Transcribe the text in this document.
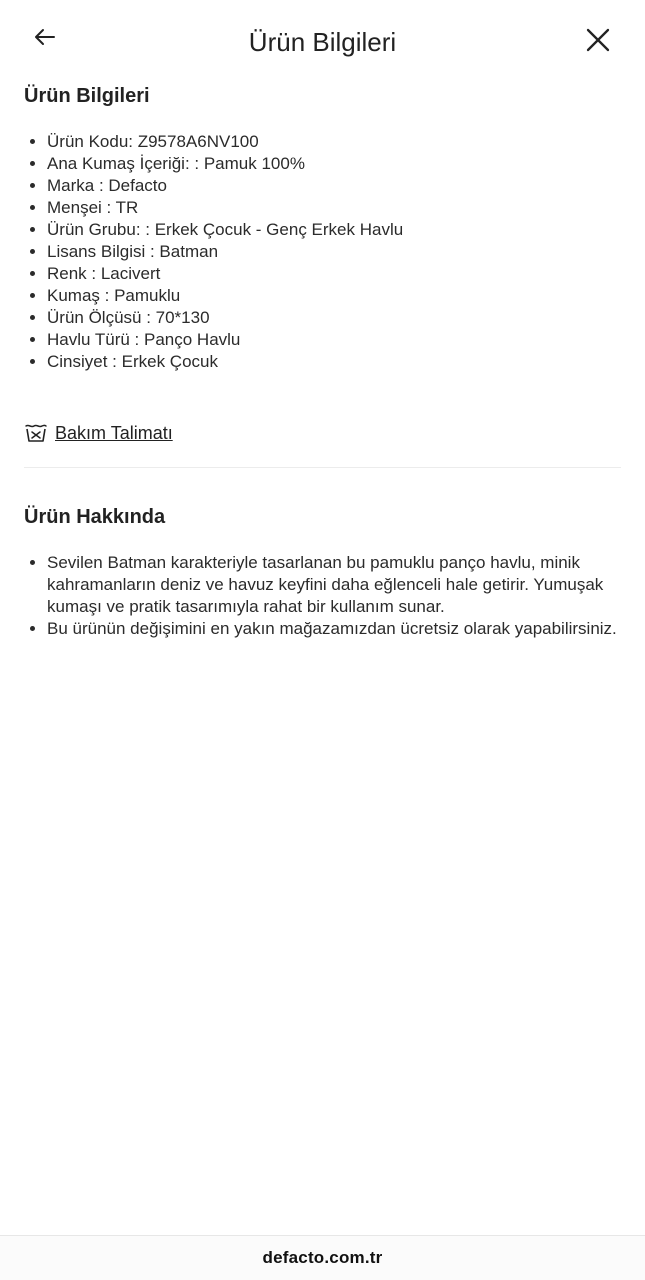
Ürün Bilgileri
Ürün Bilgileri
• Ürün Kodu: Z9578A6NV100
• Ana Kumaş İçeriği: : Pamuk 100%
• Marka : Defacto
• Menşei : TR
• Ürün Grubu: : Erkek Çocuk - Genç Erkek Havlu
• Lisans Bilgisi : Batman
• Renk : Lacivert
• Kumaş : Pamuklu
• Ürün Ölçüsü : 70*130
• Havlu Türü : Panço Havlu
• Cinsiyet : Erkek Çocuk
Bakım Talimatı
Ürün Hakkında
• Sevilen Batman karakteriyle tasarlanan bu pamuklu panço havlu, minik kahramanların deniz ve havuz keyfini daha eğlenceli hale getirir. Yumuşak kumaşı ve pratik tasarımıyla rahat bir kullanım sunar.
• Bu ürünün değişimini en yakın mağazamızdan ücretsiz olarak yapabilirsiniz.
defacto.com.tr
